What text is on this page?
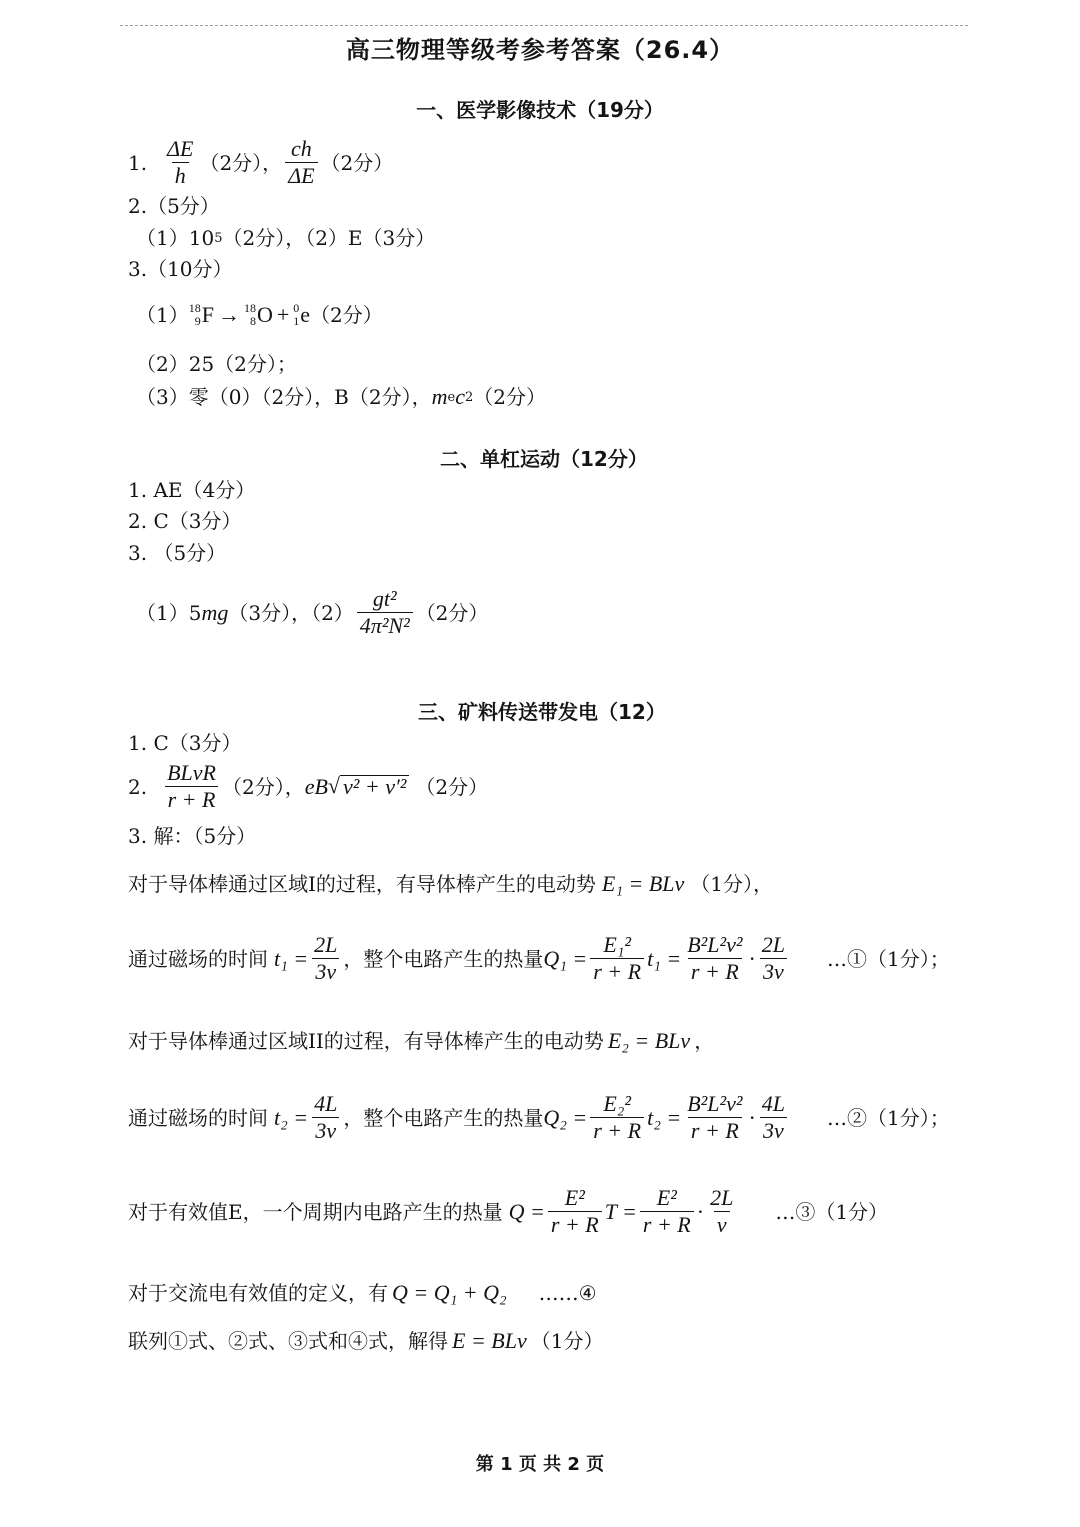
高三物理等级考参考答案（26.4）
一、医学影像技术（19分）
1. $\frac{\Delta E}{h} (2$分）， $\frac{ch}{\Delta E} (2$分）
2.（5分）
（1）10 5 （2分），（2）E（3分）
3.（10分）
（1） 18
9 F → 18
8 O + 0
1 e （2分）
（2）25（2分）；
（3）零（0）（2分），B（2分）， m e c 2 （2分）
二、单杠运动（12分）
1. AE（4分）
2. C（3分）
3. （5分）
（1）5 mg （3分），$(2) \frac{\text{gt²}}{\text{4π²N²}} (2$分）
三、矿料传送带发电（12）
1. C（3分）
2. $\frac{\text{BLvR}}{r + R} (2$分）， eB √ v² + v′² （2分）
3. 解：（5分）
对于导体棒通过区域I的过程，有导体棒产生的电动势 E₁ = BLv （1分），
通过磁场的时间 $t_1 = \frac{2L}{3v}$ ，整个电路产生的热量 $Q_1 = \frac{\text{E₁²}}{r + R} t_1 = \frac{\text{B²L²v²}}{r + R} \cdot \frac{2L}{3v}$ …①（1分）；
对于导体棒通过区域II的过程，有导体棒产生的电动势 E₂ = BLv ，
通过磁场的时间 $t_2 = \frac{4L}{3v}$ ，整个电路产生的热量 $Q_2 = \frac{\text{E₂²}}{r + R} t_2 = \frac{\text{B²L²v²}}{r + R} \cdot \frac{4L}{3v}$ …②（1分）；
对于有效值E，一个周期内电路产生的热量 $Q = \frac{\text{E²}}{r + R}$ $T = \frac{\text{E²}}{r + R} \cdot \frac{2L}{v}$ …③（1分）
对于交流电有效值的定义，有 Q = Q₁ + Q₂ ……④
联列①式、②式、③式和④式，解得 E = BLv （1分）
第 1 页 共 2 页
